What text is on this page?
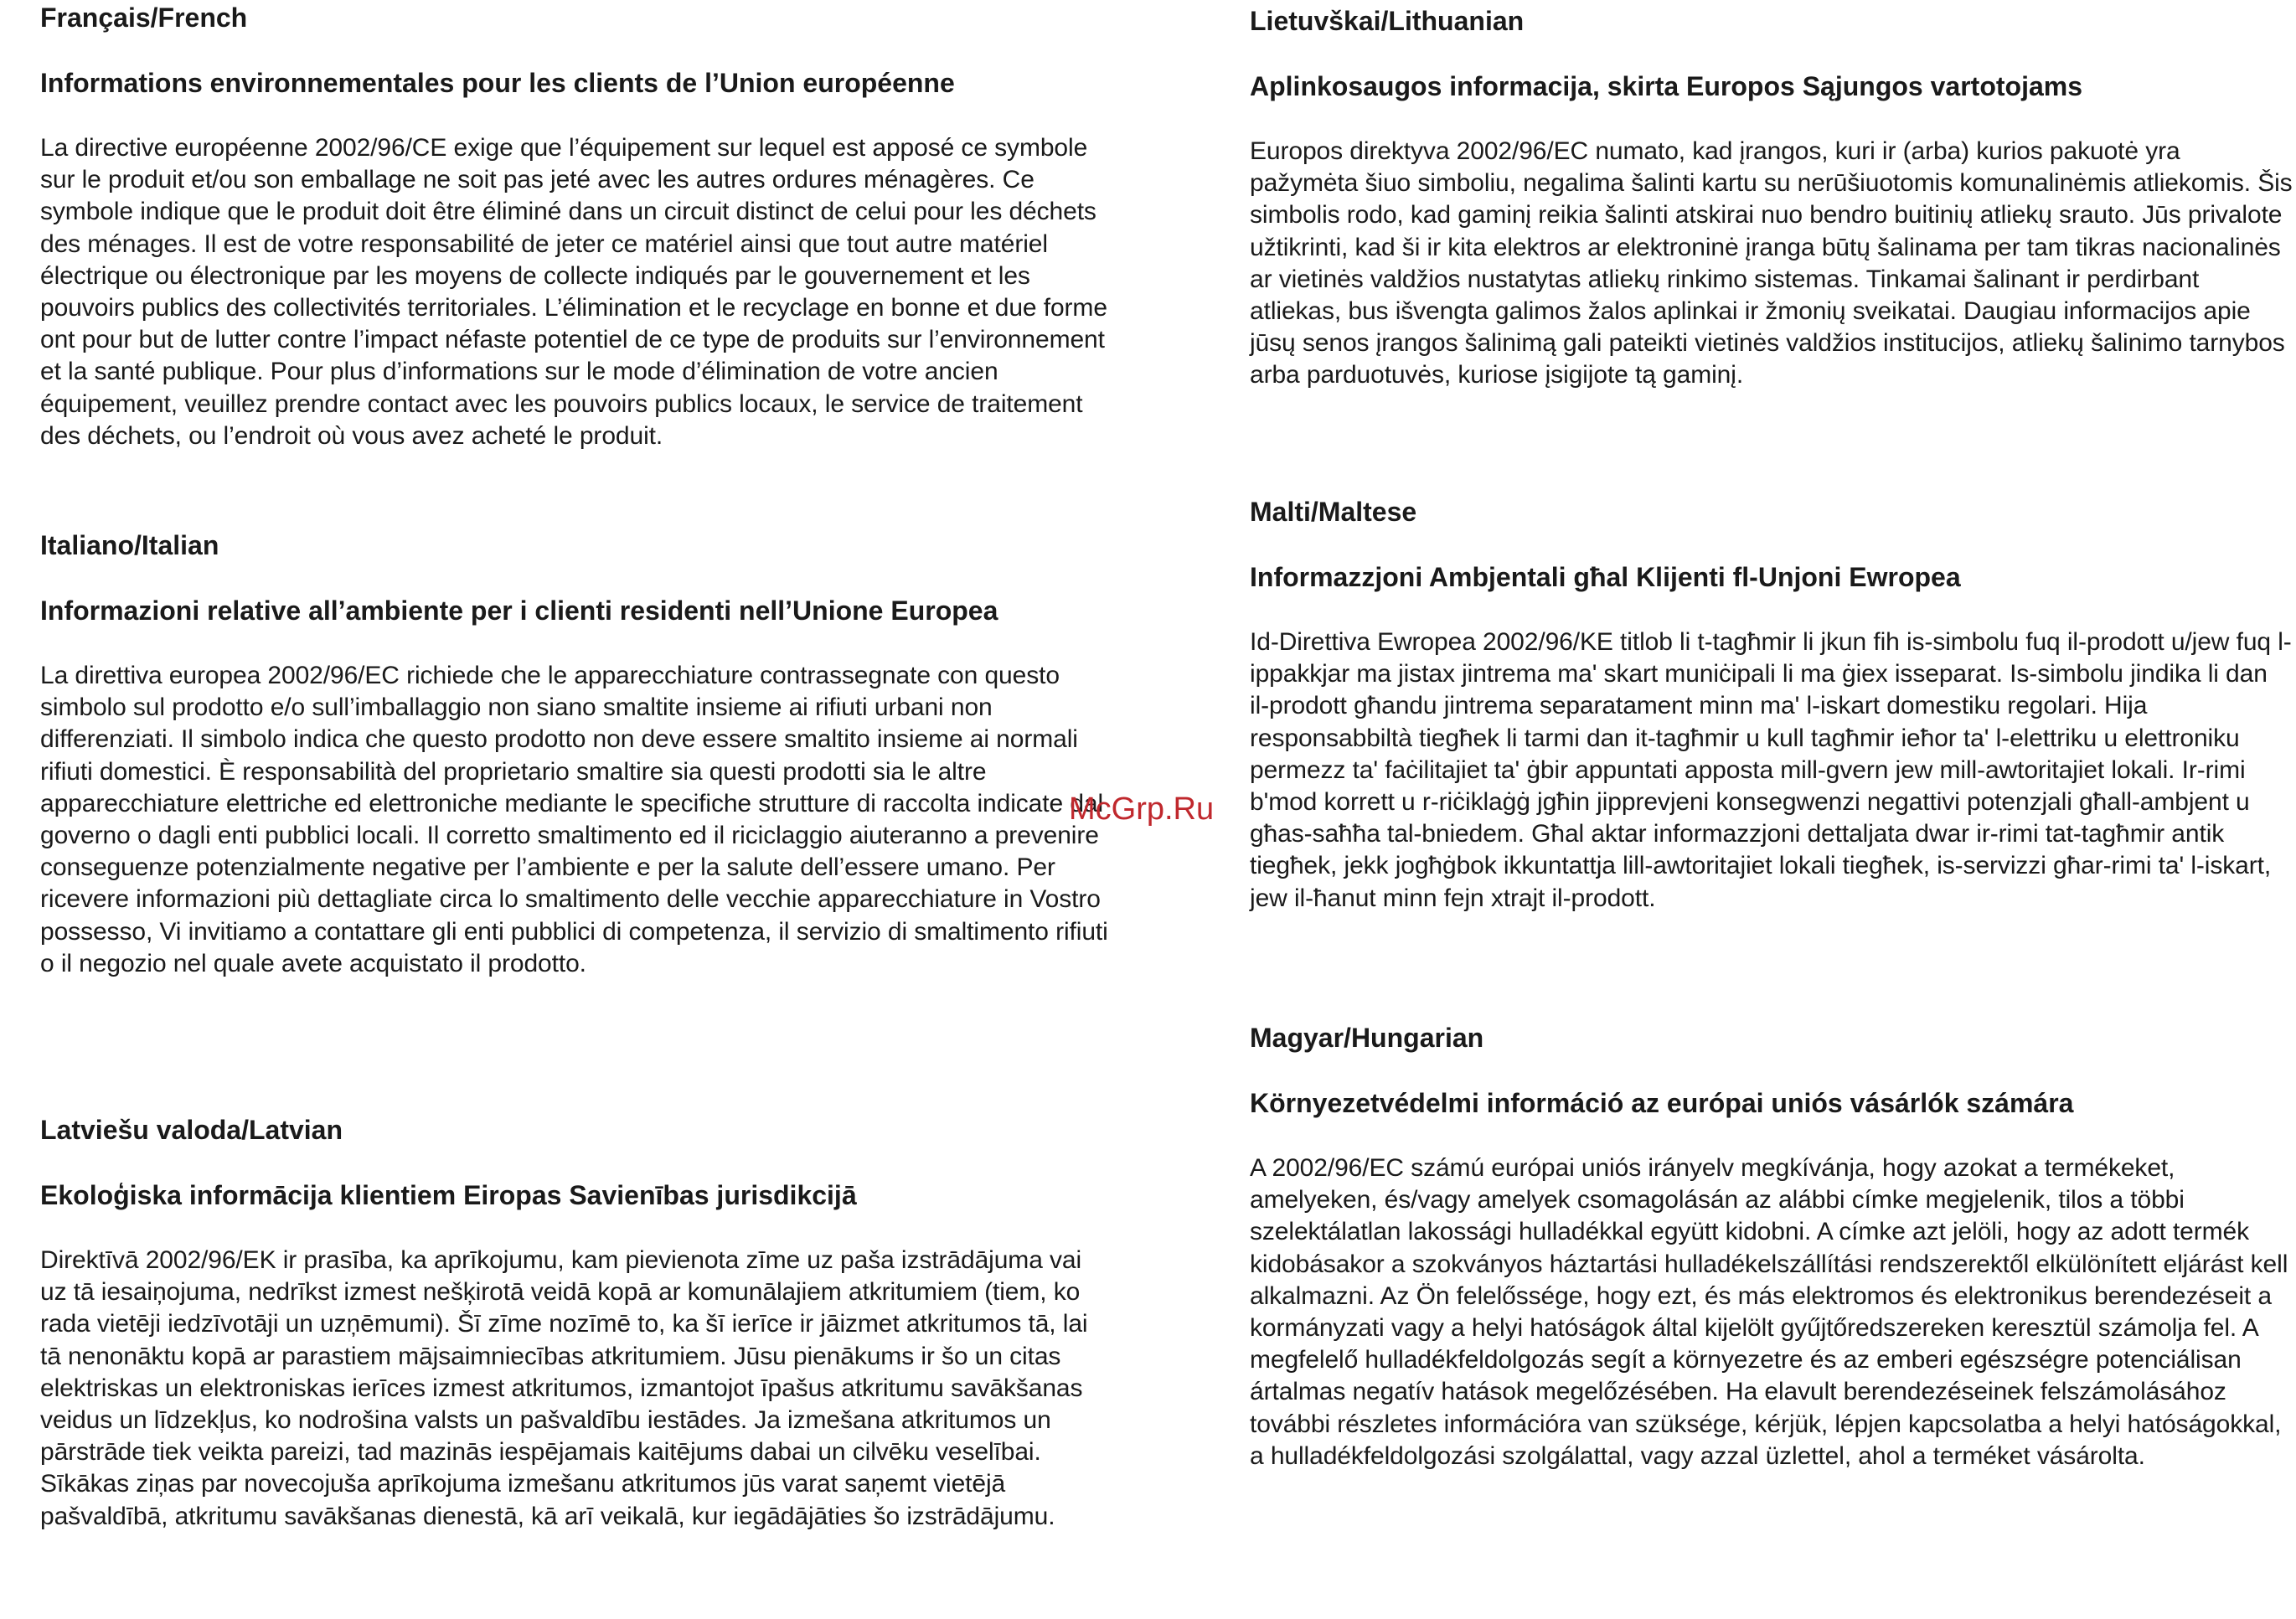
Français/French

Informations environnementales pour les clients de l’Union européenne

La directive européenne 2002/96/CE exige que l’équipement sur lequel est apposé ce symbole sur le produit et/ou son emballage ne soit pas jeté avec les autres ordures ménagères. Ce symbole indique que le produit doit être éliminé dans un circuit distinct de celui pour les déchets des ménages. Il est de votre responsabilité de jeter ce matériel ainsi que tout autre matériel électrique ou électronique par les moyens de collecte indiqués par le gouvernement et les pouvoirs publics des collectivités territoriales. L’élimination et le recyclage en bonne et due forme ont pour but de lutter contre l’impact néfaste potentiel de ce type de produits sur l’environnement et la santé publique. Pour plus d’informations sur le mode d’élimination de votre ancien équipement, veuillez prendre contact avec les pouvoirs publics locaux, le service de traitement des déchets, ou l’endroit où vous avez acheté le produit.

Italiano/Italian

Informazioni relative all’ambiente per i clienti residenti nell’Unione Europea

La direttiva europea 2002/96/EC richiede che le apparecchiature contrassegnate con questo simbolo sul prodotto e/o sull’imballaggio non siano smaltite insieme ai rifiuti urbani non differenziati. Il simbolo indica che questo prodotto non deve essere smaltito insieme ai normali rifiuti domestici. È responsabilità del proprietario smaltire sia questi prodotti sia le altre apparecchiature elettriche ed elettroniche mediante le specifiche strutture di raccolta indicate dal governo o dagli enti pubblici locali. Il corretto smaltimento ed il riciclaggio aiuteranno a prevenire conseguenze potenzialmente negative per l’ambiente e per la salute dell’essere umano. Per ricevere informazioni più dettagliate circa lo smaltimento delle vecchie apparecchiature in Vostro possesso, Vi invitiamo a contattare gli enti pubblici di competenza, il servizio di smaltimento rifiuti o il negozio nel quale avete acquistato il prodotto.

Latviešu valoda/Latvian

Ekoloģiska informācija klientiem Eiropas Savienības jurisdikcijā

Direktīvā 2002/96/EK ir prasība, ka aprīkojumu, kam pievienota zīme uz paša izstrādājuma vai uz tā iesaiņojuma, nedrīkst izmest nešķirotā veidā kopā ar komunālajiem atkritumiem (tiem, ko rada vietēji iedzīvotāji un uzņēmumi). Šī zīme nozīmē to, ka šī ierīce ir jāizmet atkritumos tā, lai tā nenonāktu kopā ar parastiem mājsaimniecības atkritumiem. Jūsu pienākums ir šo un citas elektriskas un elektroniskas ierīces izmest atkritumos, izmantojot īpašus atkritumu savākšanas veidus un līdzekļus, ko nodrošina valsts un pašvaldību iestādes. Ja izmešana atkritumos un pārstrāde tiek veikta pareizi, tad mazinās iespējamais kaitējums dabai un cilvēku veselībai. Sīkākas ziņas par novecojuša aprīkojuma izmešanu atkritumos jūs varat saņemt vietējā pašvaldībā, atkritumu savākšanas dienestā, kā arī veikalā, kur iegādājāties šo izstrādājumu.

Lietuvškai/Lithuanian

Aplinkosaugos informacija, skirta Europos Sąjungos vartotojams

Europos direktyva 2002/96/EC numato, kad įrangos, kuri ir (arba) kurios pakuotė yra pažymėta šiuo simboliu, negalima šalinti kartu su nerūšiuotomis komunalinėmis atliekomis. Šis simbolis rodo, kad gaminį reikia šalinti atskirai nuo bendro buitinių atliekų srauto. Jūs privalote užtikrinti, kad ši ir kita elektros ar elektroninė įranga būtų šalinama per tam tikras nacionalinės ar vietinės valdžios nustatytas atliekų rinkimo sistemas. Tinkamai šalinant ir perdirbant atliekas, bus išvengta galimos žalos aplinkai ir žmonių sveikatai. Daugiau informacijos apie jūsų senos įrangos šalinimą gali pateikti vietinės valdžios institucijos, atliekų šalinimo tarnybos arba parduotuvės, kuriose įsigijote tą gaminį.

Malti/Maltese

Informazzjoni Ambjentali għal Klijenti fl-Unjoni Ewropea

Id-Direttiva Ewropea 2002/96/KE titlob li t-tagħmir li jkun fih is-simbolu fuq il-prodott u/jew fuq l-ippakkjar ma jistax jintrema ma' skart muniċipali li ma ġiex isseparat. Is-simbolu jindika li dan il-prodott għandu jintrema separatament minn ma' l-iskart domestiku regolari. Hija responsabbiltà tiegħek li tarmi dan it-tagħmir u kull tagħmir ieħor ta' l-elettriku u elettroniku permezz ta' faċilitajiet ta' ġbir appuntati apposta mill-gvern jew mill-awtoritajiet lokali. Ir-rimi b'mod korrett u r-riċiklaġġ jgħin jipprevjeni konsegwenzi negattivi potenzjali għall-ambjent u għas-saħħa tal-bniedem. Għal aktar informazzjoni dettaljata dwar ir-rimi tat-tagħmir antik tiegħek, jekk jogħġbok ikkuntattja lill-awtoritajiet lokali tiegħek, is-servizzi għar-rimi ta' l-iskart, jew il-ħanut minn fejn xtrajt il-prodott.

Magyar/Hungarian

Környezetvédelmi információ az európai uniós vásárlók számára

A 2002/96/EC számú európai uniós irányelv megkívánja, hogy azokat a termékeket, amelyeken, és/vagy amelyek csomagolásán az alábbi címke megjelenik, tilos a többi szelektálatlan lakossági hulladékkal együtt kidobni. A címke azt jelöli, hogy az adott termék kidobásakor a szokványos háztartási hulladékelszállítási rendszerektől elkülönített eljárást kell alkalmazni. Az Ön felelőssége, hogy ezt, és más elektromos és elektronikus berendezéseit a kormányzati vagy a helyi hatóságok által kijelölt gyűjtőredszereken keresztül számolja fel. A megfelelő hulladékfeldolgozás segít a környezetre és az emberi egészségre potenciálisan ártalmas negatív hatások megelőzésében. Ha elavult berendezéseinek felszámolásához további részletes információra van szüksége, kérjük, lépjen kapcsolatba a helyi hatóságokkal, a hulladékfeldolgozási szolgálattal, vagy azzal üzlettel, ahol a terméket vásárolta.

McGrp.Ru
